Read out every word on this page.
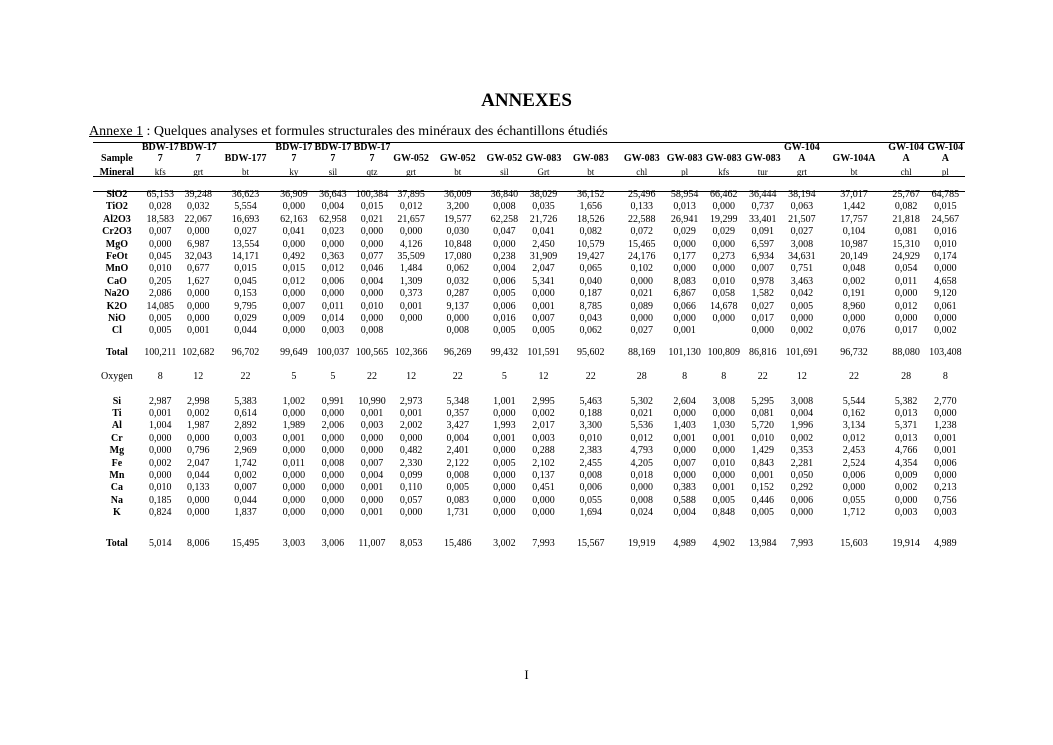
ANNEXES
Annexe 1 : Quelques analyses et formules structurales des minéraux des échantillons étudiés
Sample	BDW-177	BDW-177	BDW-177	BDW-177	BDW-177	BDW-177	GW-052	GW-052	GW-052	GW-083	GW-083	GW-083	GW-083	GW-083	GW-083	GW-104A	GW-104A	GW-104A	GW-104A
Mineral	kfs	grt	bt	ky	sil	qtz	grt	bt	sil	Grt	bt	chl	pl	kfs	tur	grt	bt	chl	pl
SiO2	65,153	39,248	36,623	36,909	36,643	100,384	37,895	36,009	36,840	38,029	36,152	25,496	58,954	66,462	36,444	38,194	37,017	25,767	64,785
TiO2	0,028	0,032	5,554	0,000	0,004	0,015	0,012	3,200	0,008	0,035	1,656	0,133	0,013	0,000	0,737	0,063	1,442	0,082	0,015
Al2O3	18,583	22,067	16,693	62,163	62,958	0,021	21,657	19,577	62,258	21,726	18,526	22,588	26,941	19,299	33,401	21,507	17,757	21,818	24,567
Cr2O3	0,007	0,000	0,027	0,041	0,023	0,000	0,000	0,030	0,047	0,041	0,082	0,072	0,029	0,029	0,091	0,027	0,104	0,081	0,016
MgO	0,000	6,987	13,554	0,000	0,000	0,000	4,126	10,848	0,000	2,450	10,579	15,465	0,000	0,000	6,597	3,008	10,987	15,310	0,010
FeOt	0,045	32,043	14,171	0,492	0,363	0,077	35,509	17,080	0,238	31,909	19,427	24,176	0,177	0,273	6,934	34,631	20,149	24,929	0,174
MnO	0,010	0,677	0,015	0,015	0,012	0,046	1,484	0,062	0,004	2,047	0,065	0,102	0,000	0,000	0,007	0,751	0,048	0,054	0,000
CaO	0,205	1,627	0,045	0,012	0,006	0,004	1,309	0,032	0,006	5,341	0,040	0,000	8,083	0,010	0,978	3,463	0,002	0,011	4,658
Na2O	2,086	0,000	0,153	0,000	0,000	0,000	0,373	0,287	0,005	0,000	0,187	0,021	6,867	0,058	1,582	0,042	0,191	0,000	9,120
K2O	14,085	0,000	9,795	0,007	0,011	0,010	0,001	9,137	0,006	0,001	8,785	0,089	0,066	14,678	0,027	0,005	8,960	0,012	0,061
NiO	0,005	0,000	0,029	0,009	0,014	0,000	0,000	0,000	0,016	0,007	0,043	0,000	0,000	0,000	0,017	0,000	0,000	0,000	0,000
Cl	0,005	0,001	0,044	0,000	0,003	0,008		0,008	0,005	0,005	0,062	0,027	0,001		0,000	0,002	0,076	0,017	0,002
Total	100,211	102,682	96,702	99,649	100,037	100,565	102,366	96,269	99,432	101,591	95,602	88,169	101,130	100,809	86,816	101,691	96,732	88,080	103,408

Oxygen	8	12	22	5	5	22	12	22	5	12	22	28	8	8	22	12	22	28	8

Si	2,987	2,998	5,383	1,002	0,991	10,990	2,973	5,348	1,001	2,995	5,463	5,302	2,604	3,008	5,295	3,008	5,544	5,382	2,770
Ti	0,001	0,002	0,614	0,000	0,000	0,001	0,001	0,357	0,000	0,002	0,188	0,021	0,000	0,000	0,081	0,004	0,162	0,013	0,000
Al	1,004	1,987	2,892	1,989	2,006	0,003	2,002	3,427	1,993	2,017	3,300	5,536	1,403	1,030	5,720	1,996	3,134	5,371	1,238
Cr	0,000	0,000	0,003	0,001	0,000	0,000	0,000	0,004	0,001	0,003	0,010	0,012	0,001	0,001	0,010	0,002	0,012	0,013	0,001
Mg	0,000	0,796	2,969	0,000	0,000	0,000	0,482	2,401	0,000	0,288	2,383	4,793	0,000	0,000	1,429	0,353	2,453	4,766	0,001
Fe	0,002	2,047	1,742	0,011	0,008	0,007	2,330	2,122	0,005	2,102	2,455	4,205	0,007	0,010	0,843	2,281	2,524	4,354	0,006
Mn	0,000	0,044	0,002	0,000	0,000	0,004	0,099	0,008	0,000	0,137	0,008	0,018	0,000	0,000	0,001	0,050	0,006	0,009	0,000
Ca	0,010	0,133	0,007	0,000	0,000	0,001	0,110	0,005	0,000	0,451	0,006	0,000	0,383	0,001	0,152	0,292	0,000	0,002	0,213
Na	0,185	0,000	0,044	0,000	0,000	0,000	0,057	0,083	0,000	0,000	0,055	0,008	0,588	0,005	0,446	0,006	0,055	0,000	0,756
K	0,824	0,000	1,837	0,000	0,000	0,001	0,000	1,731	0,000	0,000	1,694	0,024	0,004	0,848	0,005	0,000	1,712	0,003	0,003

Total	5,014	8,006	15,495	3,003	3,006	11,007	8,053	15,486	3,002	7,993	15,567	19,919	4,989	4,902	13,984	7,993	15,603	19,914	4,989
I
